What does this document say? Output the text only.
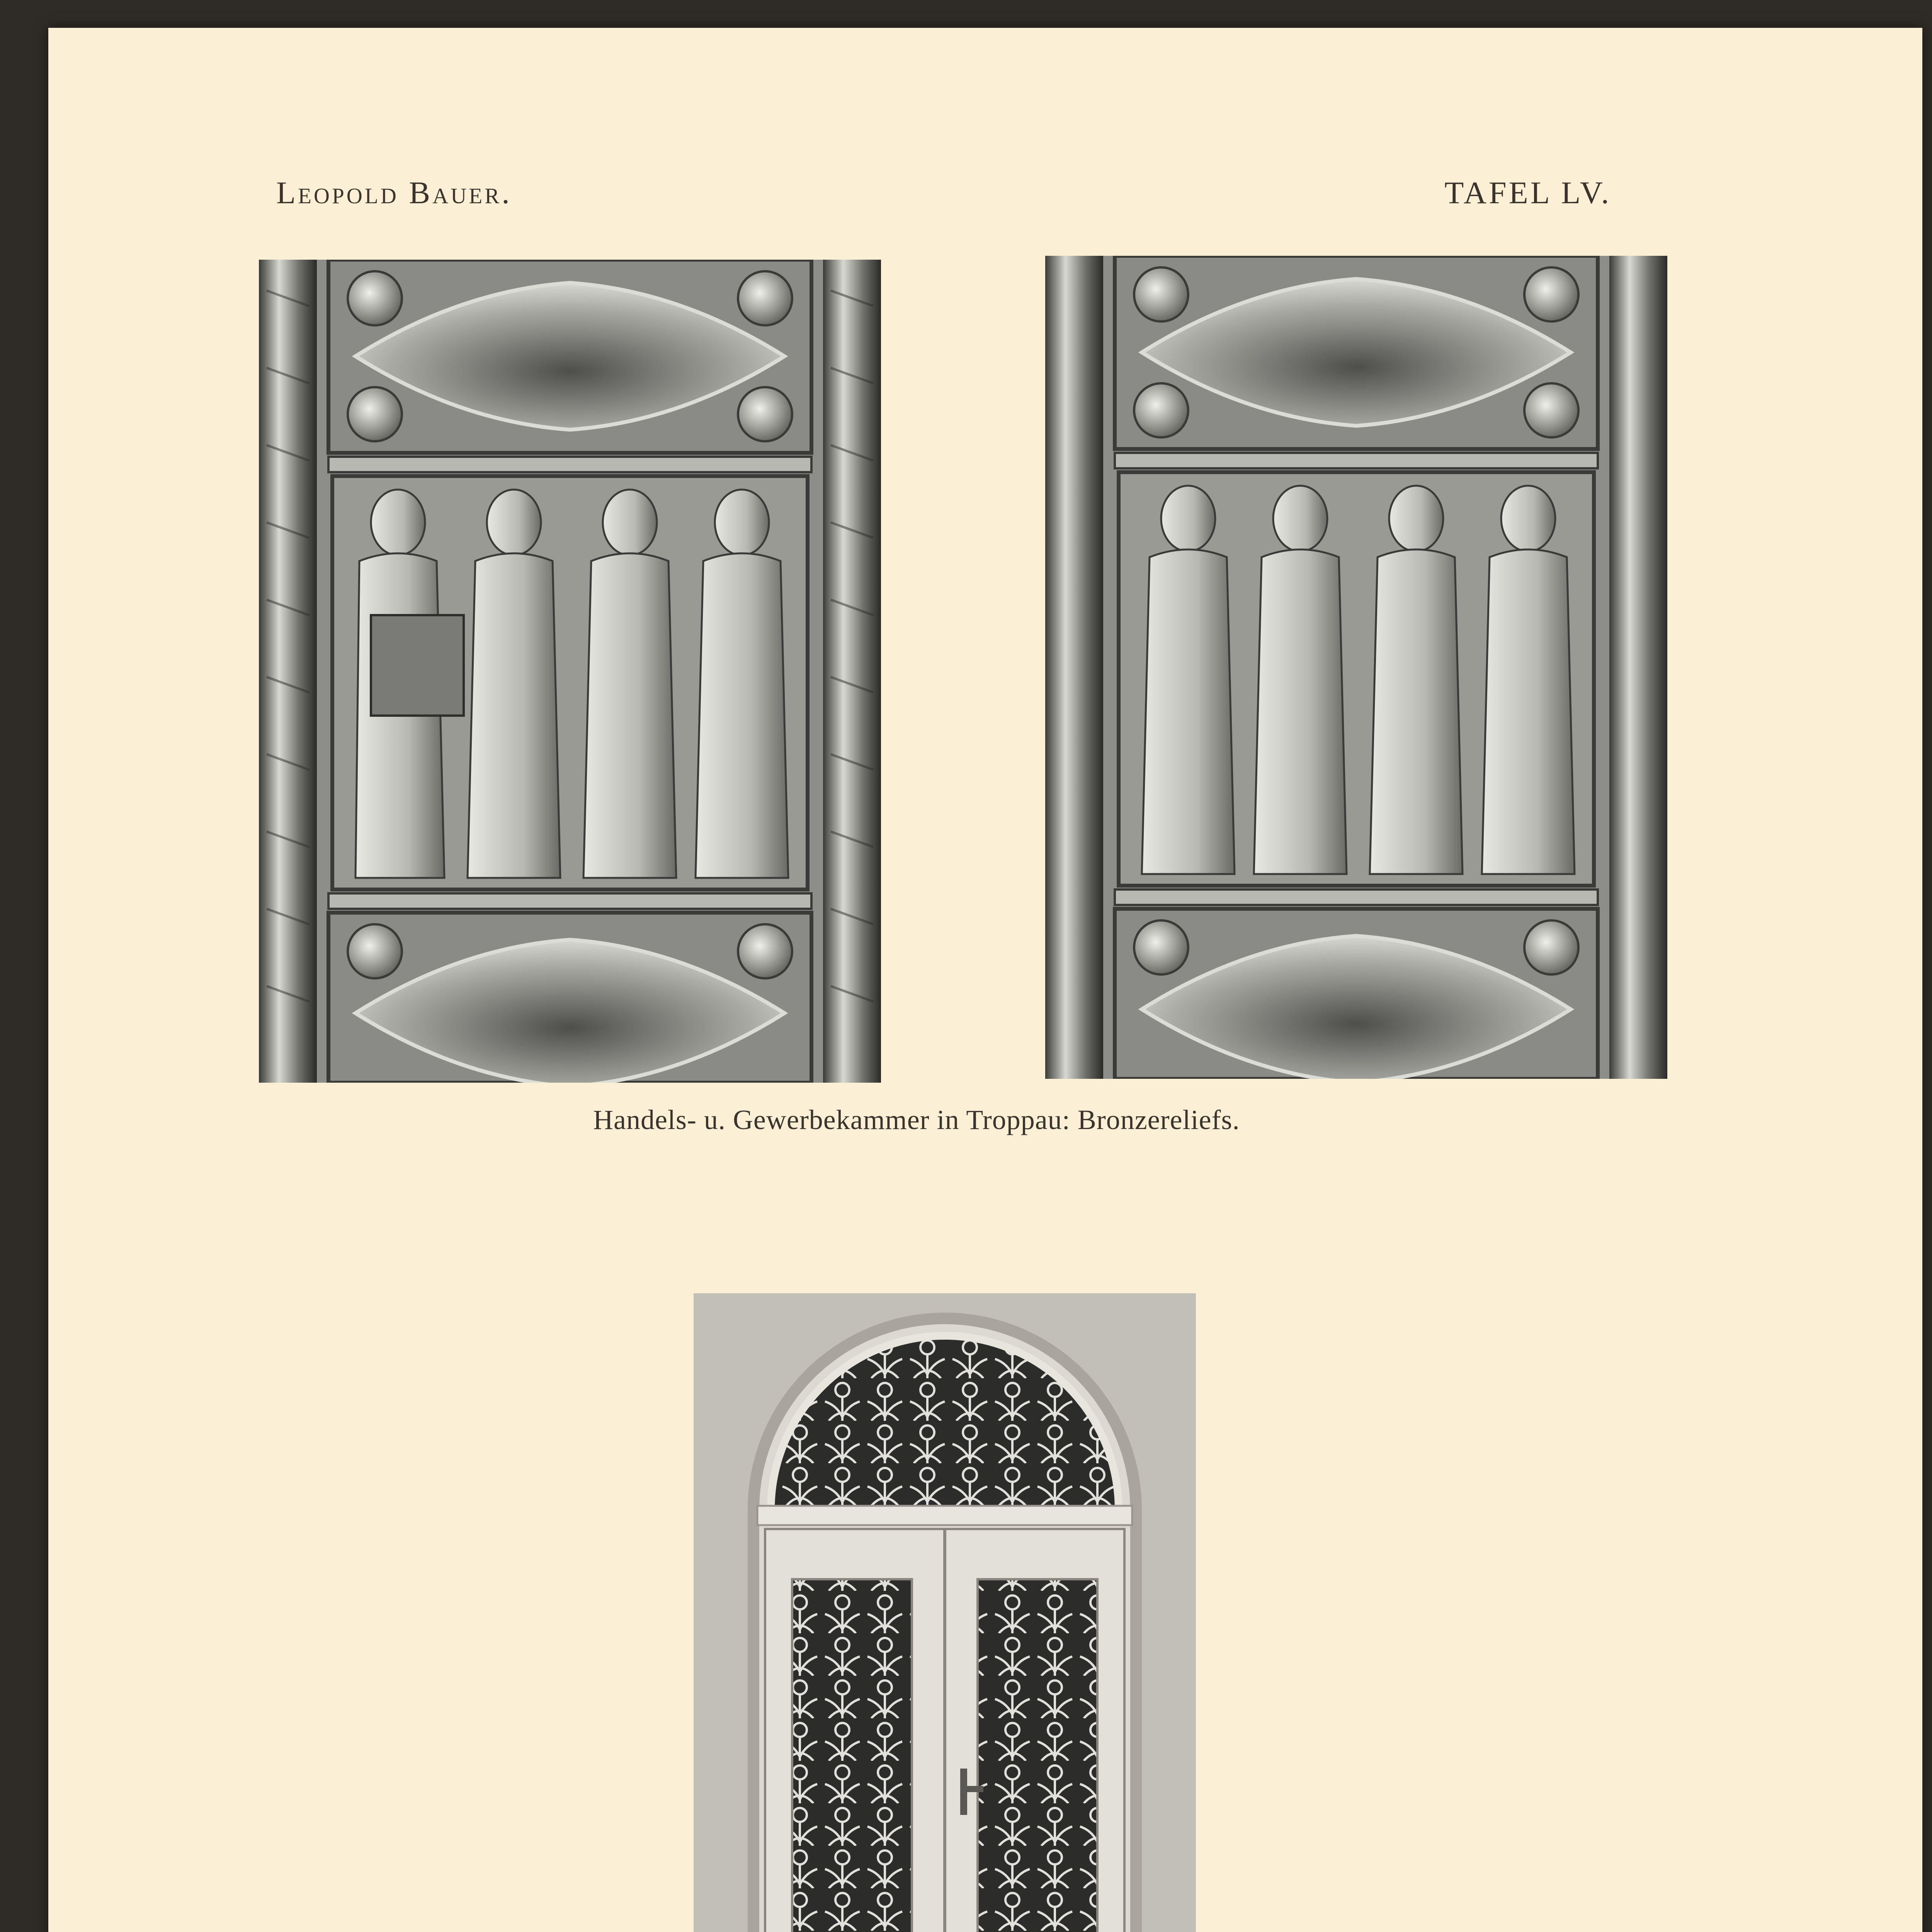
Leopold Bauer.	TAFEL LV.
Handels- u. Gewerbekammer in Troppau: Bronzereliefs.
